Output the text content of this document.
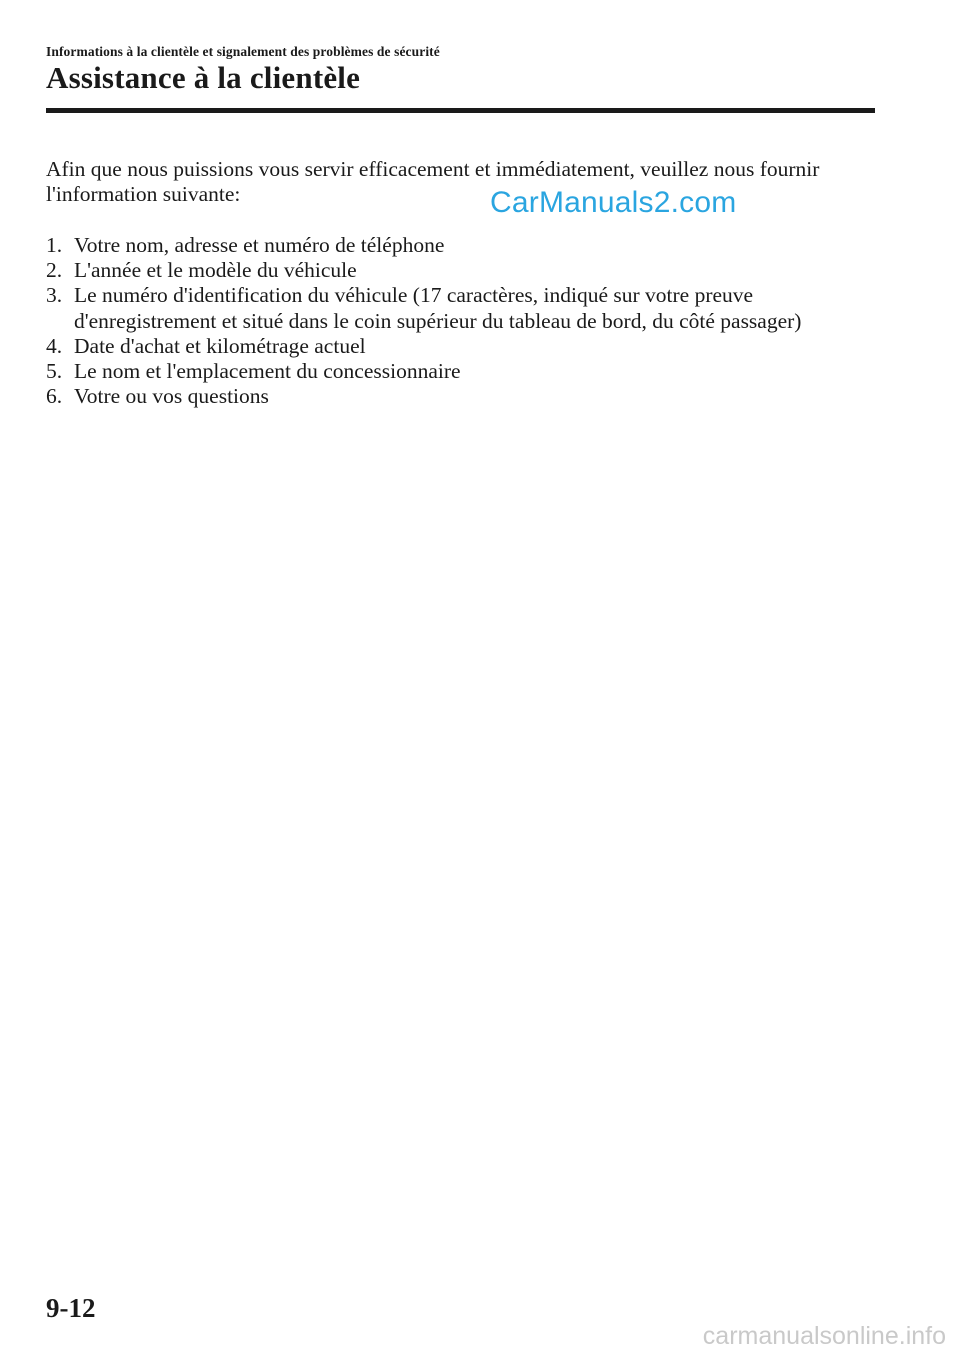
Informations à la clientèle et signalement des problèmes de sécurité
Assistance à la clientèle

Afin que nous puissions vous servir efficacement et immédiatement, veuillez nous fournir l'information suivante:	CarManuals2.com
1. Votre nom, adresse et numéro de téléphone
2. L'année et le modèle du véhicule
3. Le numéro d'identification du véhicule (17 caractères, indiqué sur votre preuve d'enregistrement et situé dans le coin supérieur du tableau de bord, du côté passager)
4. Date d'achat et kilométrage actuel
5. Le nom et l'emplacement du concessionnaire
6. Votre ou vos questions
9-12
carmanualsonline.info
